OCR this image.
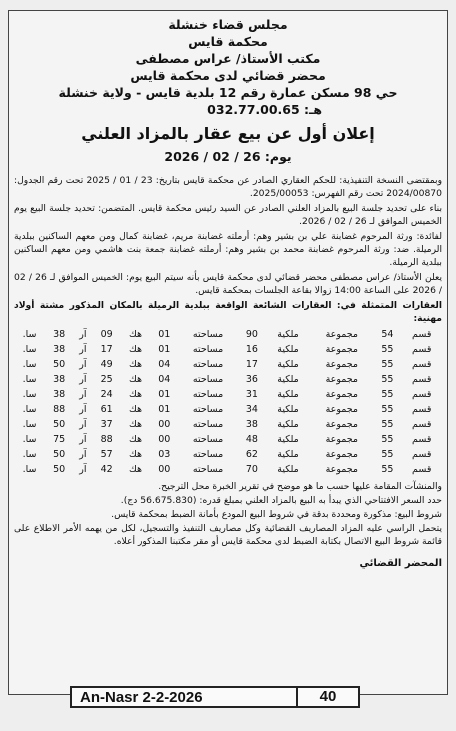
مجلس قضاء خنشلة

محكمة قايس

مكتب الأستاذ/ عراس مصطفى

محضر قضائي لدى محكمة قايس

حي 98 مسكن عمارة رقم 12 بلدية قايس - ولاية خنشلة

هـ: 032.77.00.65

إعلان أول عن بيع عقار بالمزاد العلني
يوم: 26 / 02 / 2026

وبمقتضى النسخة التنفيذية: للحكم العقاري الصادر عن محكمة قايس بتاريخ: 23 / 01 / 2025 تحت رقم الجدول: 2024/00870 تحت رقم الفهرس: 2025/00053.

بناء على تحديد جلسة البيع بالمزاد العلني الصادر عن السيد رئيس محكمة قايس. المتضمن: تحديد جلسة البيع يوم الخميس الموافق لـ 26 / 02 / 2026.

لفائدة: ورثة المرحوم غضابنة علي بن بشير وهم: أرملته غضابنة مريم، غضابنة كمال ومن معهم الساكنين ببلدية الرميلة. ضد: ورثة المرحوم غضابنة محمد بن بشير وهم: أرملته غضابنة جمعة بنت هاشمي ومن معهم الساكنين ببلدية الرميلة.

يعلن الأستاذ/ عراس مصطفى محضر قضائي لدى محكمة قايس بأنه سيتم البيع يوم: الخميس الموافق لـ 26 / 02 / 2026 على الساعة 14:00 زوالا بقاعة الجلسات بمحكمة قايس.

العقارات المتمثلة في: العقارات الشائعة الواقعة ببلدية الرميلة بالمكان المذكور مشتة أولاد مهنية:

قسم	54	مجموعة	ملكية	90	مساحته	01	هك	09	آر	38	سا.
قسم	55	مجموعة	ملكية	16	مساحته	01	هك	17	آر	38	سا.
قسم	55	مجموعة	ملكية	17	مساحته	04	هك	49	آر	50	سا.
قسم	55	مجموعة	ملكية	36	مساحته	04	هك	25	آر	38	سا.
قسم	55	مجموعة	ملكية	31	مساحته	01	هك	24	آر	38	سا.
قسم	55	مجموعة	ملكية	34	مساحته	01	هك	61	آر	88	سا.
قسم	55	مجموعة	ملكية	38	مساحته	00	هك	37	آر	50	سا.
قسم	55	مجموعة	ملكية	48	مساحته	00	هك	88	آر	75	سا.
قسم	55	مجموعة	ملكية	62	مساحته	03	هك	57	آر	50	سا.
قسم	55	مجموعة	ملكية	70	مساحته	00	هك	42	آر	50	سا.

والمنشآت المقامة عليها حسب ما هو موضح في تقرير الخبرة محل الترجيح.

حدد السعر الافتتاحي الذي يبدأ به البيع بالمزاد العلني بمبلغ قدره: (56.675.830 دج).

شروط البيع: مذكورة ومحددة بدقة في شروط البيع المودع بأمانة الضبط بمحكمة قايس.

يتحمل الراسي عليه المزاد المصاريف القضائية وكل مصاريف التنفيذ والتسجيل، لكل من يهمه الأمر الاطلاع على قائمة شروط البيع الاتصال بكتابة الضبط لدى محكمة قايس أو مقر مكتبنا المذكور أعلاه.

المحضر القضائي
An-Nasr 2-2-2026	40
